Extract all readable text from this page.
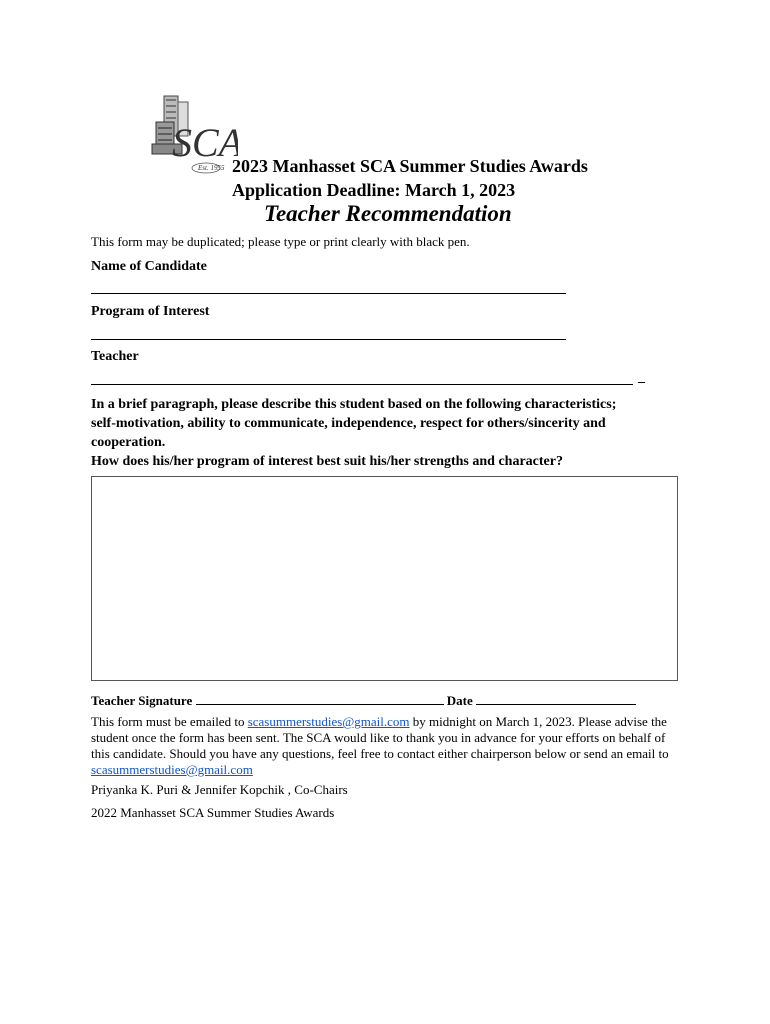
SCA
Est. 1955 2023 Manhasset SCA Summer Studies Awards
Application Deadline: March 1, 2023
Teacher Recommendation
This form may be duplicated; please type or print clearly with black pen.
Name of Candidate
Program of Interest
Teacher
_
In a brief paragraph, please describe this student based on the following characteristics;
self-motivation, ability to communicate, independence, respect for others/sincerity and
cooperation.
How does his/her program of interest best suit his/her strengths and character?
Teacher Signature	Date
This form must be emailed to scasummerstudies@gmail.com by midnight on March 1, 2023. Please advise the student once the form has been sent. The SCA would like to thank you in advance for your efforts on behalf of this candidate. Should you have any questions, feel free to contact either chairperson below or send an email to scasummerstudies@gmail.com
Priyanka K. Puri & Jennifer Kopchik , Co-Chairs
2022 Manhasset SCA Summer Studies Awards
